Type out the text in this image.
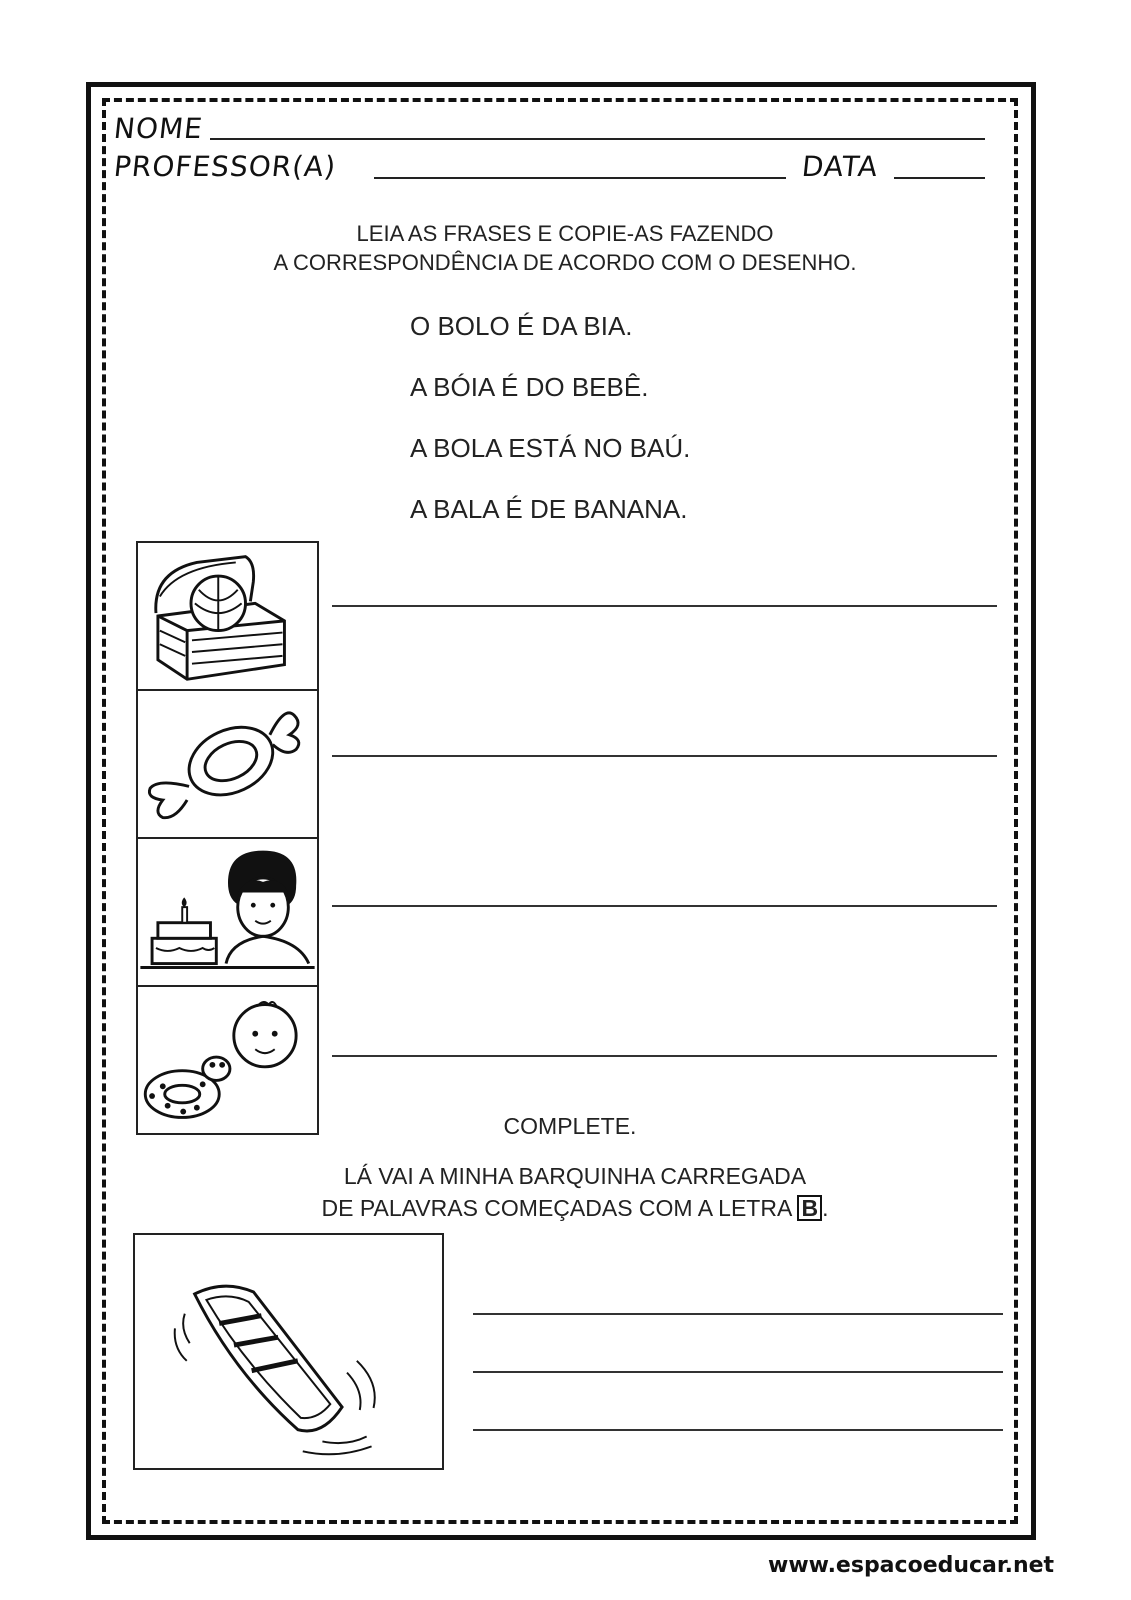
NOME
PROFESSOR(A)	DATA
LEIA AS FRASES E COPIE-AS FAZENDO
A CORRESPONDÊNCIA DE ACORDO COM O DESENHO.
O BOLO É DA BIA.
A BÓIA É DO BEBÊ.
A BOLA ESTÁ NO BAÚ.
A BALA É DE BANANA.
COMPLETE.
LÁ VAI A MINHA BARQUINHA CARREGADA
DE PALAVRAS COMEÇADAS COM A LETRA B .
www.espacoeducar.net
